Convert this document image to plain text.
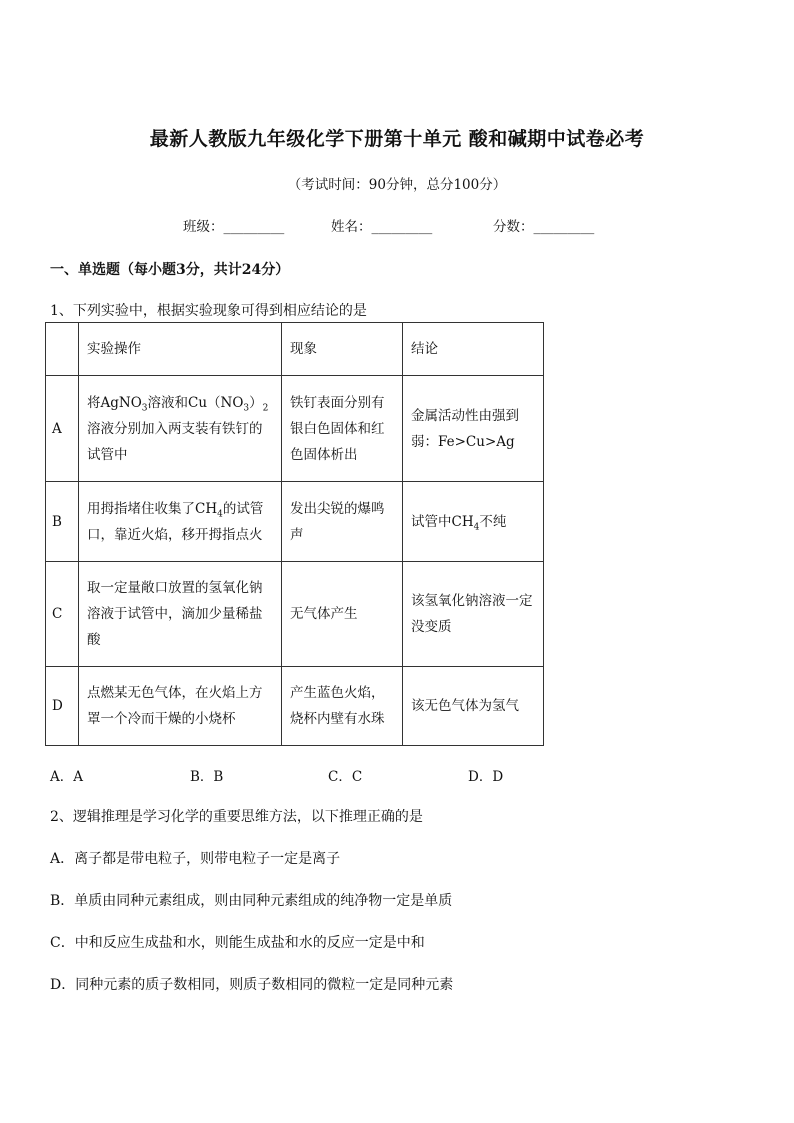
最新人教版九年级化学下册第十单元 酸和碱期中试卷必考
（考试时间：90分钟，总分100分）
班级：_________	姓名：_________	分数：_________
一、单选题（每小题3分，共计24分）
1、下列实验中，根据实验现象可得到相应结论的是
	实验操作	现象	结论
A	将AgNO$_3$溶液和$Cu(NO_3)_2$溶液分别加入两支装有铁钉的试管中	铁钉表面分别有银白色固体和红色固体析出	金属活动性由强到弱：Fe>Cu>Ag
B	用拇指堵住收集了$CH_4$的试管口，靠近火焰，移开拇指点火	发出尖锐的爆鸣声	试管中$CH_4$不纯
C	取一定量敞口放置的氢氧化钠溶液于试管中，滴加少量稀盐酸	无气体产生	该氢氧化钠溶液一定没变质
D	点燃某无色气体，在火焰上方罩一个冷而干燥的小烧杯	产生蓝色火焰，烧杯内壁有水珠	该无色气体为氢气
A．A	B．B	C．C	D．D
2、逻辑推理是学习化学的重要思维方法，以下推理正确的是
A．离子都是带电粒子，则带电粒子一定是离子
B．单质由同种元素组成，则由同种元素组成的纯净物一定是单质
C．中和反应生成盐和水，则能生成盐和水的反应一定是中和
D．同种元素的质子数相同，则质子数相同的微粒一定是同种元素
